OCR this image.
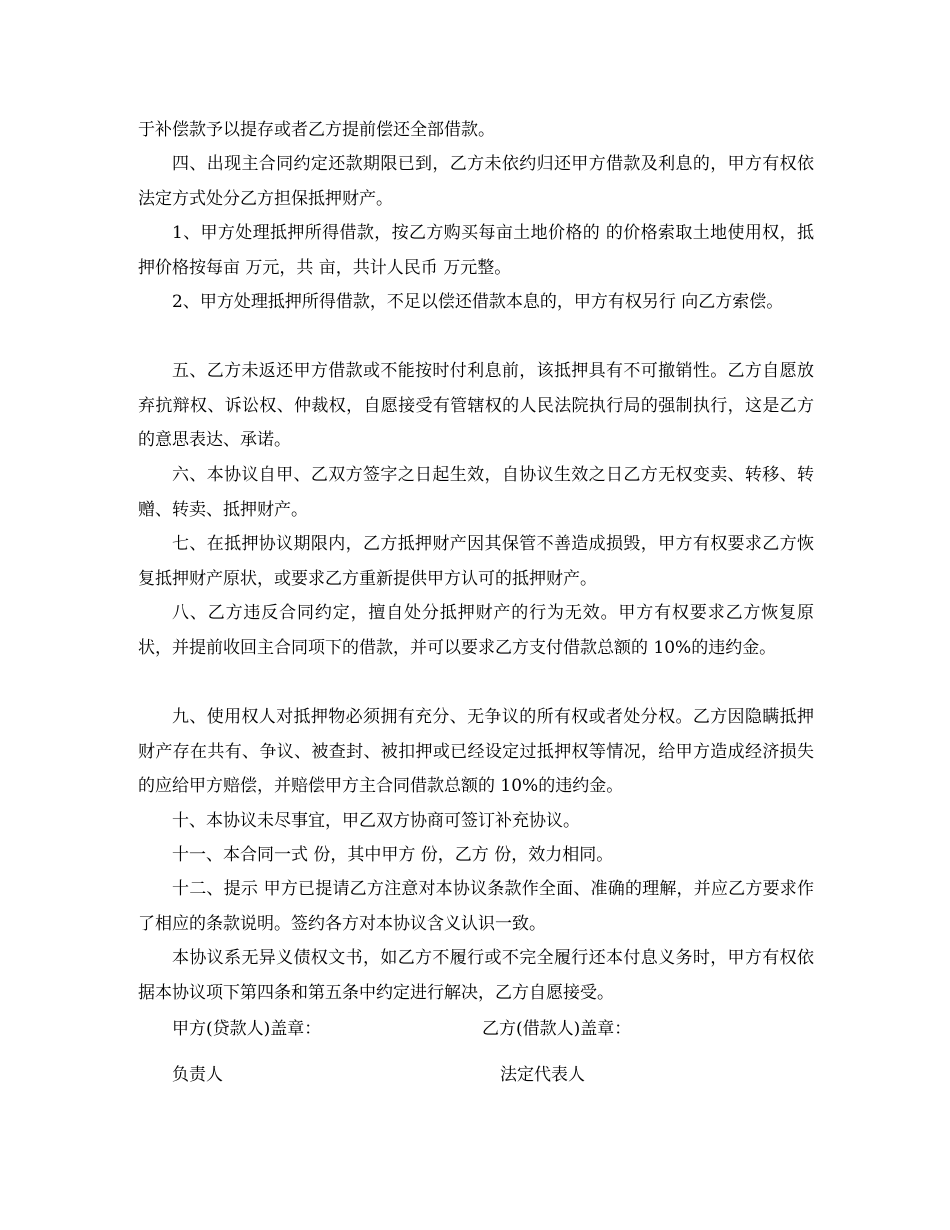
于补偿款予以提存或者乙方提前偿还全部借款。

四、出现主合同约定还款期限已到，乙方未依约归还甲方借款及利息的，甲方有权依法定方式处分乙方担保抵押财产。

1、甲方处理抵押所得借款，按乙方购买每亩土地价格的 的价格索取土地使用权，抵押价格按每亩 万元，共 亩，共计人民币 万元整。

2、甲方处理抵押所得借款，不足以偿还借款本息的，甲方有权另行 向乙方索偿。

五、乙方未返还甲方借款或不能按时付利息前，该抵押具有不可撤销性。乙方自愿放弃抗辩权、诉讼权、仲裁权，自愿接受有管辖权的人民法院执行局的强制执行，这是乙方的意思表达、承诺。

六、本协议自甲、乙双方签字之日起生效，自协议生效之日乙方无权变卖、转移、转赠、转卖、抵押财产。

七、在抵押协议期限内，乙方抵押财产因其保管不善造成损毁，甲方有权要求乙方恢复抵押财产原状，或要求乙方重新提供甲方认可的抵押财产。

八、乙方违反合同约定，擅自处分抵押财产的行为无效。甲方有权要求乙方恢复原状，并提前收回主合同项下的借款，并可以要求乙方支付借款总额的 10%的违约金。

九、使用权人对抵押物必须拥有充分、无争议的所有权或者处分权。乙方因隐瞒抵押财产存在共有、争议、被查封、被扣押或已经设定过抵押权等情况，给甲方造成经济损失的应给甲方赔偿，并赔偿甲方主合同借款总额的 10%的违约金。

十、本协议未尽事宜，甲乙双方协商可签订补充协议。

十一、本合同一式 份，其中甲方 份，乙方 份，效力相同。

十二、提示 甲方已提请乙方注意对本协议条款作全面、准确的理解，并应乙方要求作了相应的条款说明。签约各方对本协议含义认识一致。

本协议系无异义债权文书，如乙方不履行或不完全履行还本付息义务时，甲方有权依据本协议项下第四条和第五条中约定进行解决，乙方自愿接受。

甲方(贷款人)盖章：	乙方(借款人)盖章：
负责人	法定代表人
